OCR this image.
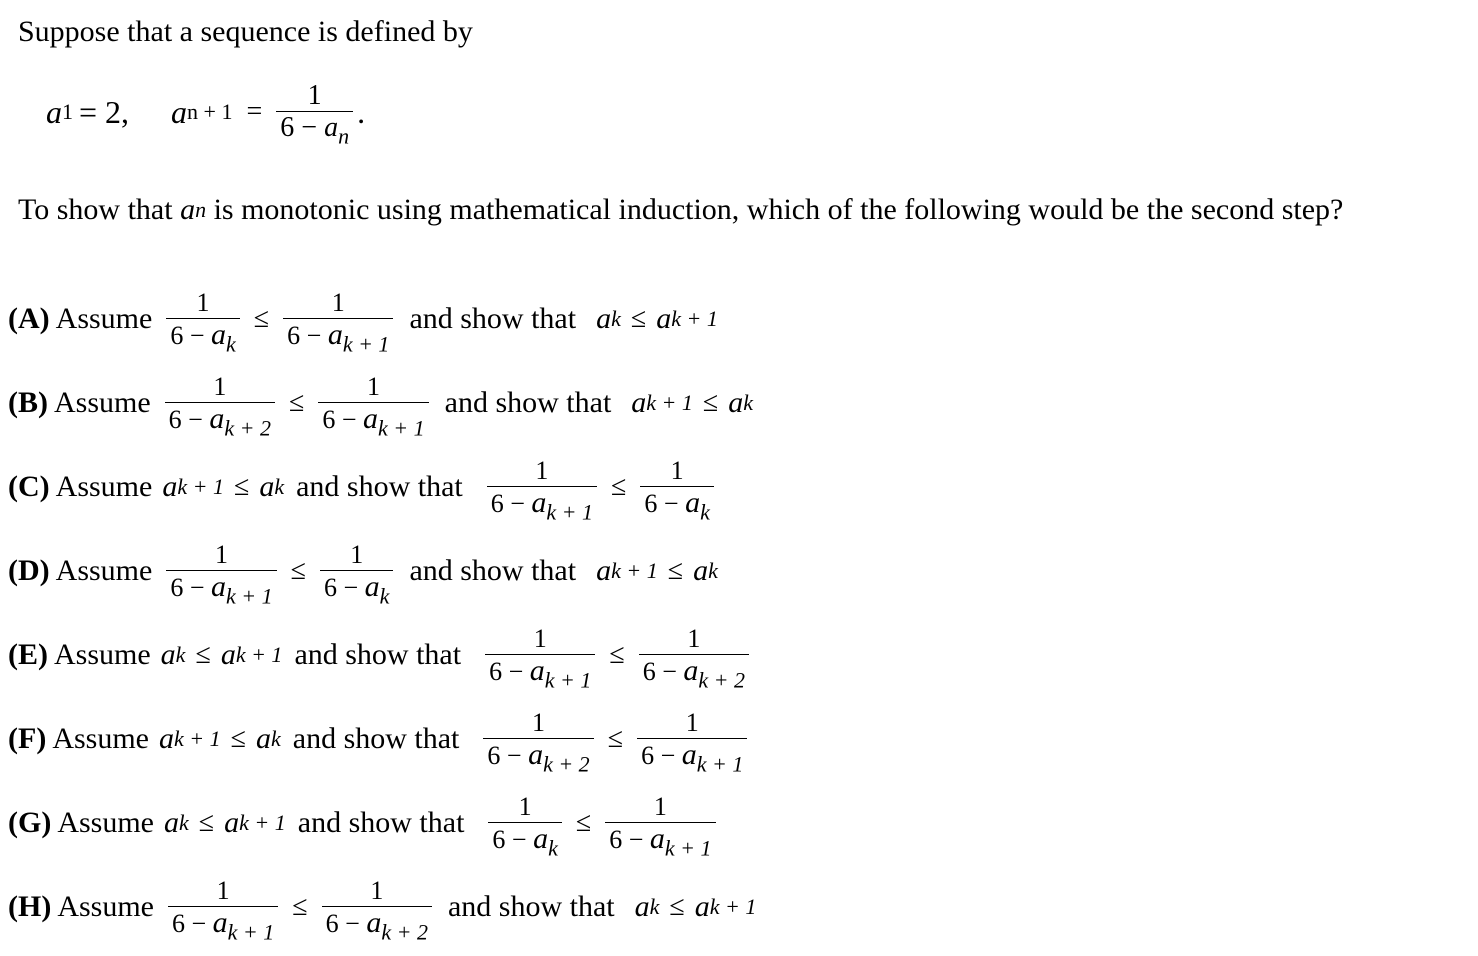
Suppose that a sequence is defined by
a 1 = 2, a $n + 1 = \frac{1}{6 - a_n}$ .
To show that
a n
is monotonic using mathematical induction, which of the following would be the second step?
(A) Assume $\frac{1}{6 - a_k} \le \frac{1}{6 - a_{k + 1}}$ and show that a k ≤ a k + 1
(B) Assume $\frac{1}{6 - a_{k + 2}} \le \frac{1}{6 - a_{k + 1}}$ and show that a k + 1 ≤ a k
(C) Assume a k + 1 ≤ a k and show that $\frac{1}{6 - a_{k + 1}} \le \frac{1}{6 - a_k}$
(D) Assume $\frac{1}{6 - a_{k + 1}} \le \frac{1}{6 - a_k}$ and show that a k + 1 ≤ a k
(E) Assume a k ≤ a k + 1 and show that $\frac{1}{6 - a_{k + 1}} \le \frac{1}{6 - a_{k + 2}}$
(F) Assume a k + 1 ≤ a k and show that $\frac{1}{6 - a_{k + 2}} \le \frac{1}{6 - a_{k + 1}}$
(G) Assume a k ≤ a k + 1 and show that $\frac{1}{6 - a_k} \le \frac{1}{6 - a_{k + 1}}$
(H) Assume $\frac{1}{6 - a_{k + 1}} \le \frac{1}{6 - a_{k + 2}}$ and show that a k ≤ a k + 1
